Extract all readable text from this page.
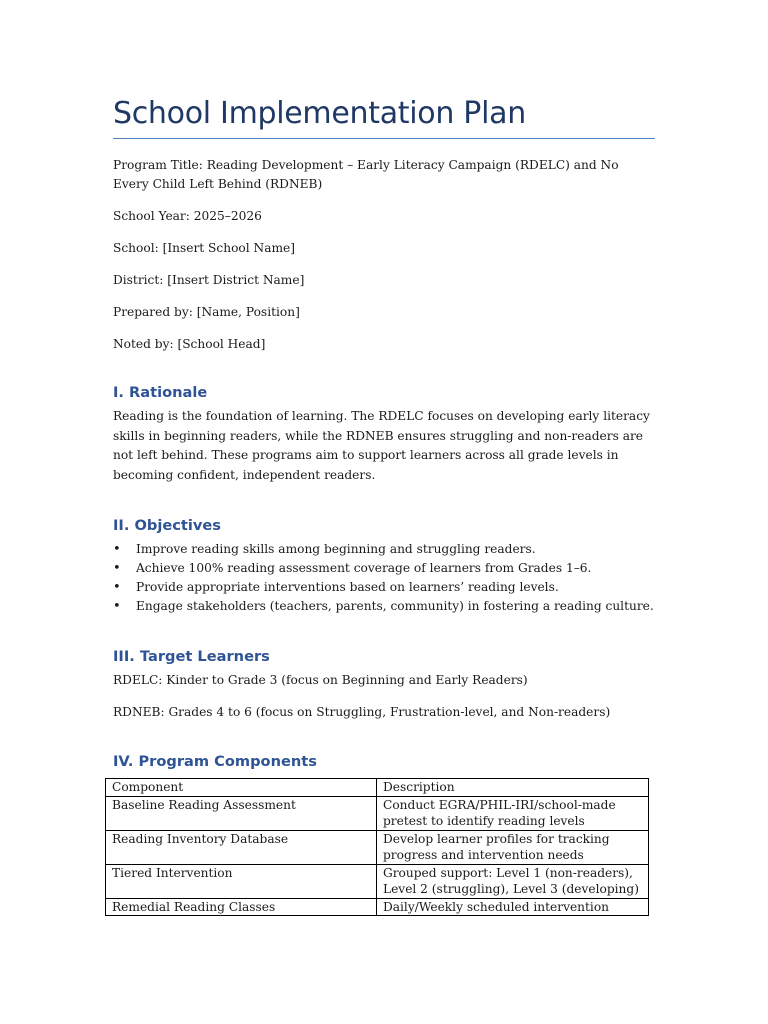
School Implementation Plan

Program Title: Reading Development – Early Literacy Campaign (RDELC) and No Every Child Left Behind (RDNEB)

School Year: 2025–2026

School: [Insert School Name]

District: [Insert District Name]

Prepared by: [Name, Position]

Noted by: [School Head]

I. Rationale

Reading is the foundation of learning. The RDELC focuses on developing early literacy skills in beginning readers, while the RDNEB ensures struggling and non-readers are not left behind. These programs aim to support learners across all grade levels in becoming confident, independent readers.

II. Objectives
• Improve reading skills among beginning and struggling readers.
• Achieve 100% reading assessment coverage of learners from Grades 1–6.
• Provide appropriate interventions based on learners’ reading levels.
• Engage stakeholders (teachers, parents, community) in fostering a reading culture.
III. Target Learners

RDELC: Kinder to Grade 3 (focus on Beginning and Early Readers)

RDNEB: Grades 4 to 6 (focus on Struggling, Frustration-level, and Non-readers)

IV. Program Components
Component	Description
Baseline Reading Assessment	Conduct EGRA/PHIL-IRI/school-made pretest to identify reading levels
Reading Inventory Database	Develop learner profiles for tracking progress and intervention needs
Tiered Intervention	Grouped support: Level 1 (non-readers), Level 2 (struggling), Level 3 (developing)
Remedial Reading Classes	Daily/Weekly scheduled intervention
